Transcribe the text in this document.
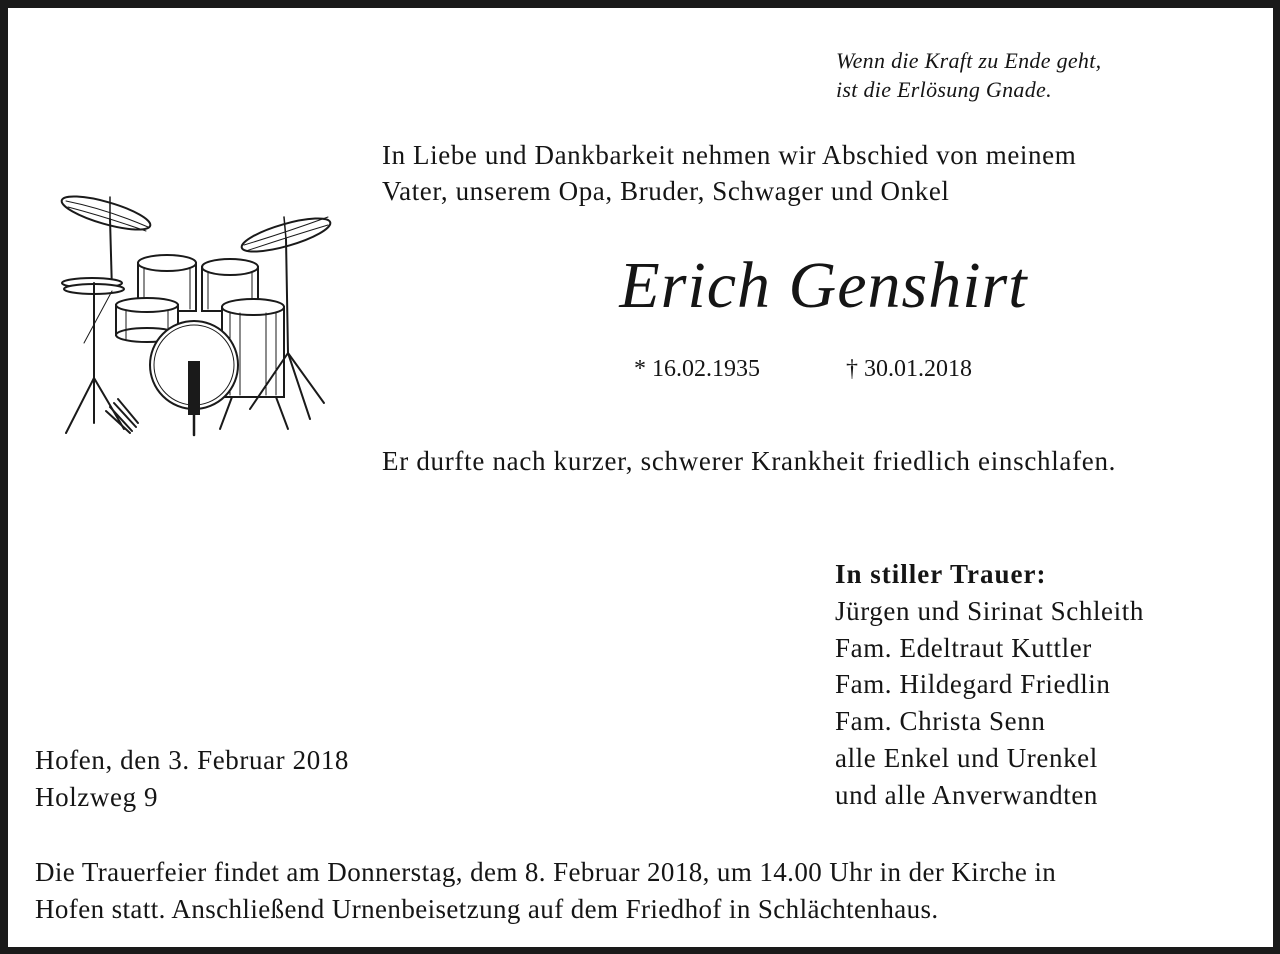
Wenn die Kraft zu Ende geht,
ist die Erlösung Gnade.
In Liebe und Dankbarkeit nehmen wir Abschied von meinem
Vater, unserem Opa, Bruder, Schwager und Onkel
Erich Genshirt
* 16.02.1935	† 30.01.2018
Er durfte nach kurzer, schwerer Krankheit friedlich einschlafen.
In stiller Trauer:
Jürgen und Sirinat Schleith
Fam. Edeltraut Kuttler
Fam. Hildegard Friedlin
Fam. Christa Senn
alle Enkel und Urenkel
und alle Anverwandten
Hofen, den 3. Februar 2018
Holzweg 9
Die Trauerfeier findet am Donnerstag, dem 8. Februar 2018, um 14.00 Uhr in der Kirche in
Hofen statt. Anschließend Urnenbeisetzung auf dem Friedhof in Schlächtenhaus.
